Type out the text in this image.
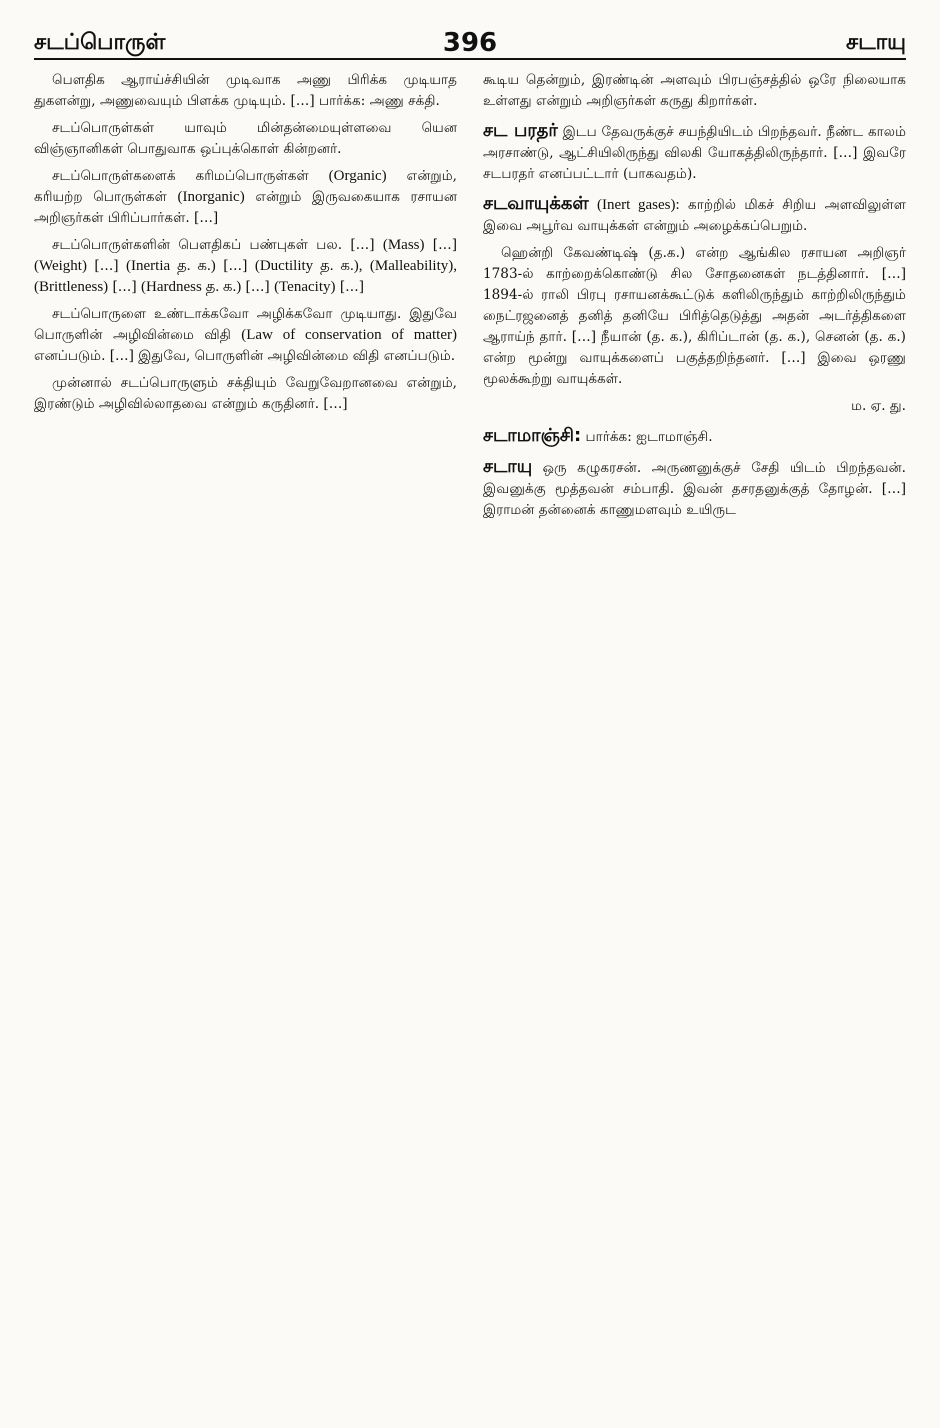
சடப்பொருள்	396	சடாயு

பௌதிக ஆராய்ச்சியின் முடிவாக அணு பிரிக்க முடியாத துகளன்று, அணுவையும் பிளக்க முடியும். […] பார்க்க: அணு சக்தி.

சடப்பொருள்கள் யாவும் மின்தன்மையுள்ளவை யென விஞ்ஞானிகள் பொதுவாக ஒப்புக்கொள் கின்றனர்.

சடப்பொருள்களைக் கரிமப்பொருள்கள் (Organic) என்றும், கரியற்ற பொருள்கள் (Inorganic) என்றும் இருவகையாக ரசாயன அறிஞர்கள் பிரிப்பார்கள். […]

சடப்பொருள்களின் பௌதிகப் பண்புகள் பல. […] (Mass) […] (Weight) […] (Inertia த. க.) […] (Ductility த. க.), (Malleability), (Brittleness) […] (Hardness த. க.) […] (Tenacity) […]

சடப்பொருளை உண்டாக்கவோ அழிக்கவோ முடியாது. இதுவே பொருளின் அழிவின்மை விதி (Law of conservation of matter) எனப்படும். […] இதுவே, பொருளின் அழிவின்மை விதி எனப்படும்.

முன்னால் சடப்பொருளும் சக்தியும் வேறுவேறானவை என்றும், இரண்டும் அழிவில்லாதவை என்றும் கருதினர். […]

கூடிய தென்றும், இரண்டின் அளவும் பிரபஞ்சத்தில் ஒரே நிலையாக உள்ளது என்றும் அறிஞர்கள் கருது கிறார்கள்.

சட பரதர் இடப தேவருக்குச் சயந்தியிடம் பிறந்தவர். நீண்ட காலம் அரசாண்டு, ஆட்சியிலிருந்து விலகி யோகத்திலிருந்தார். […] இவரே சடபரதர் எனப்பட்டார் (பாகவதம்).
சடவாயுக்கள் (Inert gases): காற்றில் மிகச் சிறிய அளவிலுள்ள இவை அபூர்வ வாயுக்கள் என்றும் அழைக்கப்பெறும்.

ஹென்றி கேவண்டிஷ் (த.க.) என்ற ஆங்கில ரசாயன அறிஞர் 1783-ல் காற்றைக்கொண்டு சில சோதனைகள் நடத்தினார். […] 1894-ல் ராலி பிரபு ரசாயனக்கூட்டுக் களிலிருந்தும் காற்றிலிருந்தும் நைட்ரஜனைத் தனித் தனியே பிரித்தெடுத்து அதன் அடர்த்திகளை ஆராய்ந் தார். […] நீயான் (த. க.), கிரிப்டான் (த. க.), செனன் (த. க.) என்ற மூன்று வாயுக்களைப் பகுத்தறிந்தனர். […] இவை ஒரணு மூலக்கூற்று வாயுக்கள்.

ம. ஏ. து.
சடாமாஞ்சி: பார்க்க: ஐடாமாஞ்சி.
சடாயு ஒரு கழுகரசன். அருணனுக்குச் சேதி யிடம் பிறந்தவன். இவனுக்கு மூத்தவன் சம்பாதி. இவன் தசரதனுக்குத் தோழன். […] இராமன் தன்னைக் காணுமளவும் உயிருட
